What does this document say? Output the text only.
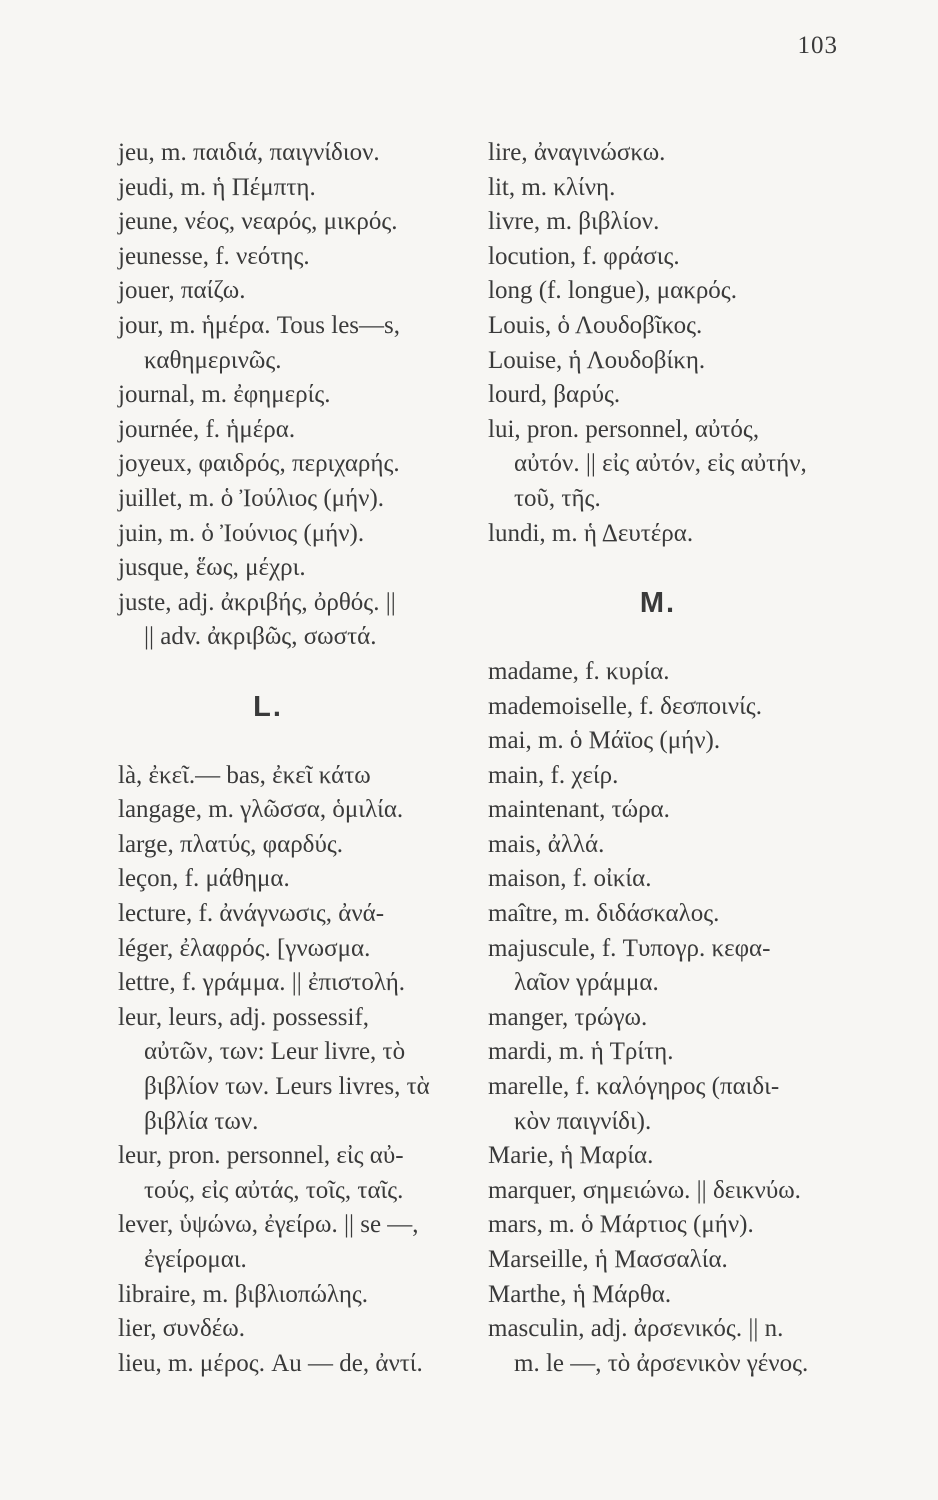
103
jeu, m. παιδιά, παιγνίδιον.
jeudi, m. ἡ Πέμπτη.
jeune, νέος, νεαρός, μικρός.
jeunesse, f. νεότης.
jouer, παίζω.
jour, m. ἡμέρα. Tous les—s,
καθημερινῶς.
journal, m. ἐφημερίς.
journée, f. ἡμέρα.
joyeux, φαιδρός, περιχαρής.
juillet, m. ὁ Ἰούλιος (μήν).
juin, m. ὁ Ἰούνιος (μήν).
jusque, ἕως, μέχρι.
juste, adj. ἀκριβής, ὀρθός. ||
|| adv. ἀκριβῶς, σωστά.
L.
là, ἐκεῖ.— bas, ἐκεῖ κάτω
langage, m. γλῶσσα, ὁμιλία.
large, πλατύς, φαρδύς.
leçon, f. μάθημα.
lecture, f. ἀνάγνωσις, ἀνά-
léger, ἐλαφρός. [γνωσμα.
lettre, f. γράμμα. || ἐπιστολή.
leur, leurs, adj. possessif,
αὐτῶν, των: Leur livre, τὸ
βιβλίον των. Leurs livres, τὰ
βιβλία των.
leur, pron. personnel, εἰς αὐ-
τούς, εἰς αὐτάς, τοῖς, ταῖς.
lever, ὑψώνω, ἐγείρω. || se —,
ἐγείρομαι.
libraire, m. βιβλιοπώλης.
lier, συνδέω.
lieu, m. μέρος. Au — de, ἀντί.
lire, ἀναγινώσκω.
lit, m. κλίνη.
livre, m. βιβλίον.
locution, f. φράσις.
long (f. longue), μακρός.
Louis, ὁ Λουδοβῖκος.
Louise, ἡ Λουδοβίκη.
lourd, βαρύς.
lui, pron. personnel, αὐτός,
αὐτόν. || εἰς αὐτόν, εἰς αὐτήν,
τοῦ, τῆς.
lundi, m. ἡ Δευτέρα.
M.
madame, f. κυρία.
mademoiselle, f. δεσποινίς.
mai, m. ὁ Μάϊος (μήν).
main, f. χείρ.
maintenant, τώρα.
mais, ἀλλά.
maison, f. οἰκία.
maître, m. διδάσκαλος.
majuscule, f. Τυπογρ. κεφα-
λαῖον γράμμα.
manger, τρώγω.
mardi, m. ἡ Τρίτη.
marelle, f. καλόγηρος (παιδι-
κὸν παιγνίδι).
Marie, ἡ Μαρία.
marquer, σημειώνω. || δεικνύω.
mars, m. ὁ Μάρτιος (μήν).
Marseille, ἡ Μασσαλία.
Marthe, ἡ Μάρθα.
masculin, adj. ἀρσενικός. || n.
m. le —, τὸ ἀρσενικὸν γένος.
